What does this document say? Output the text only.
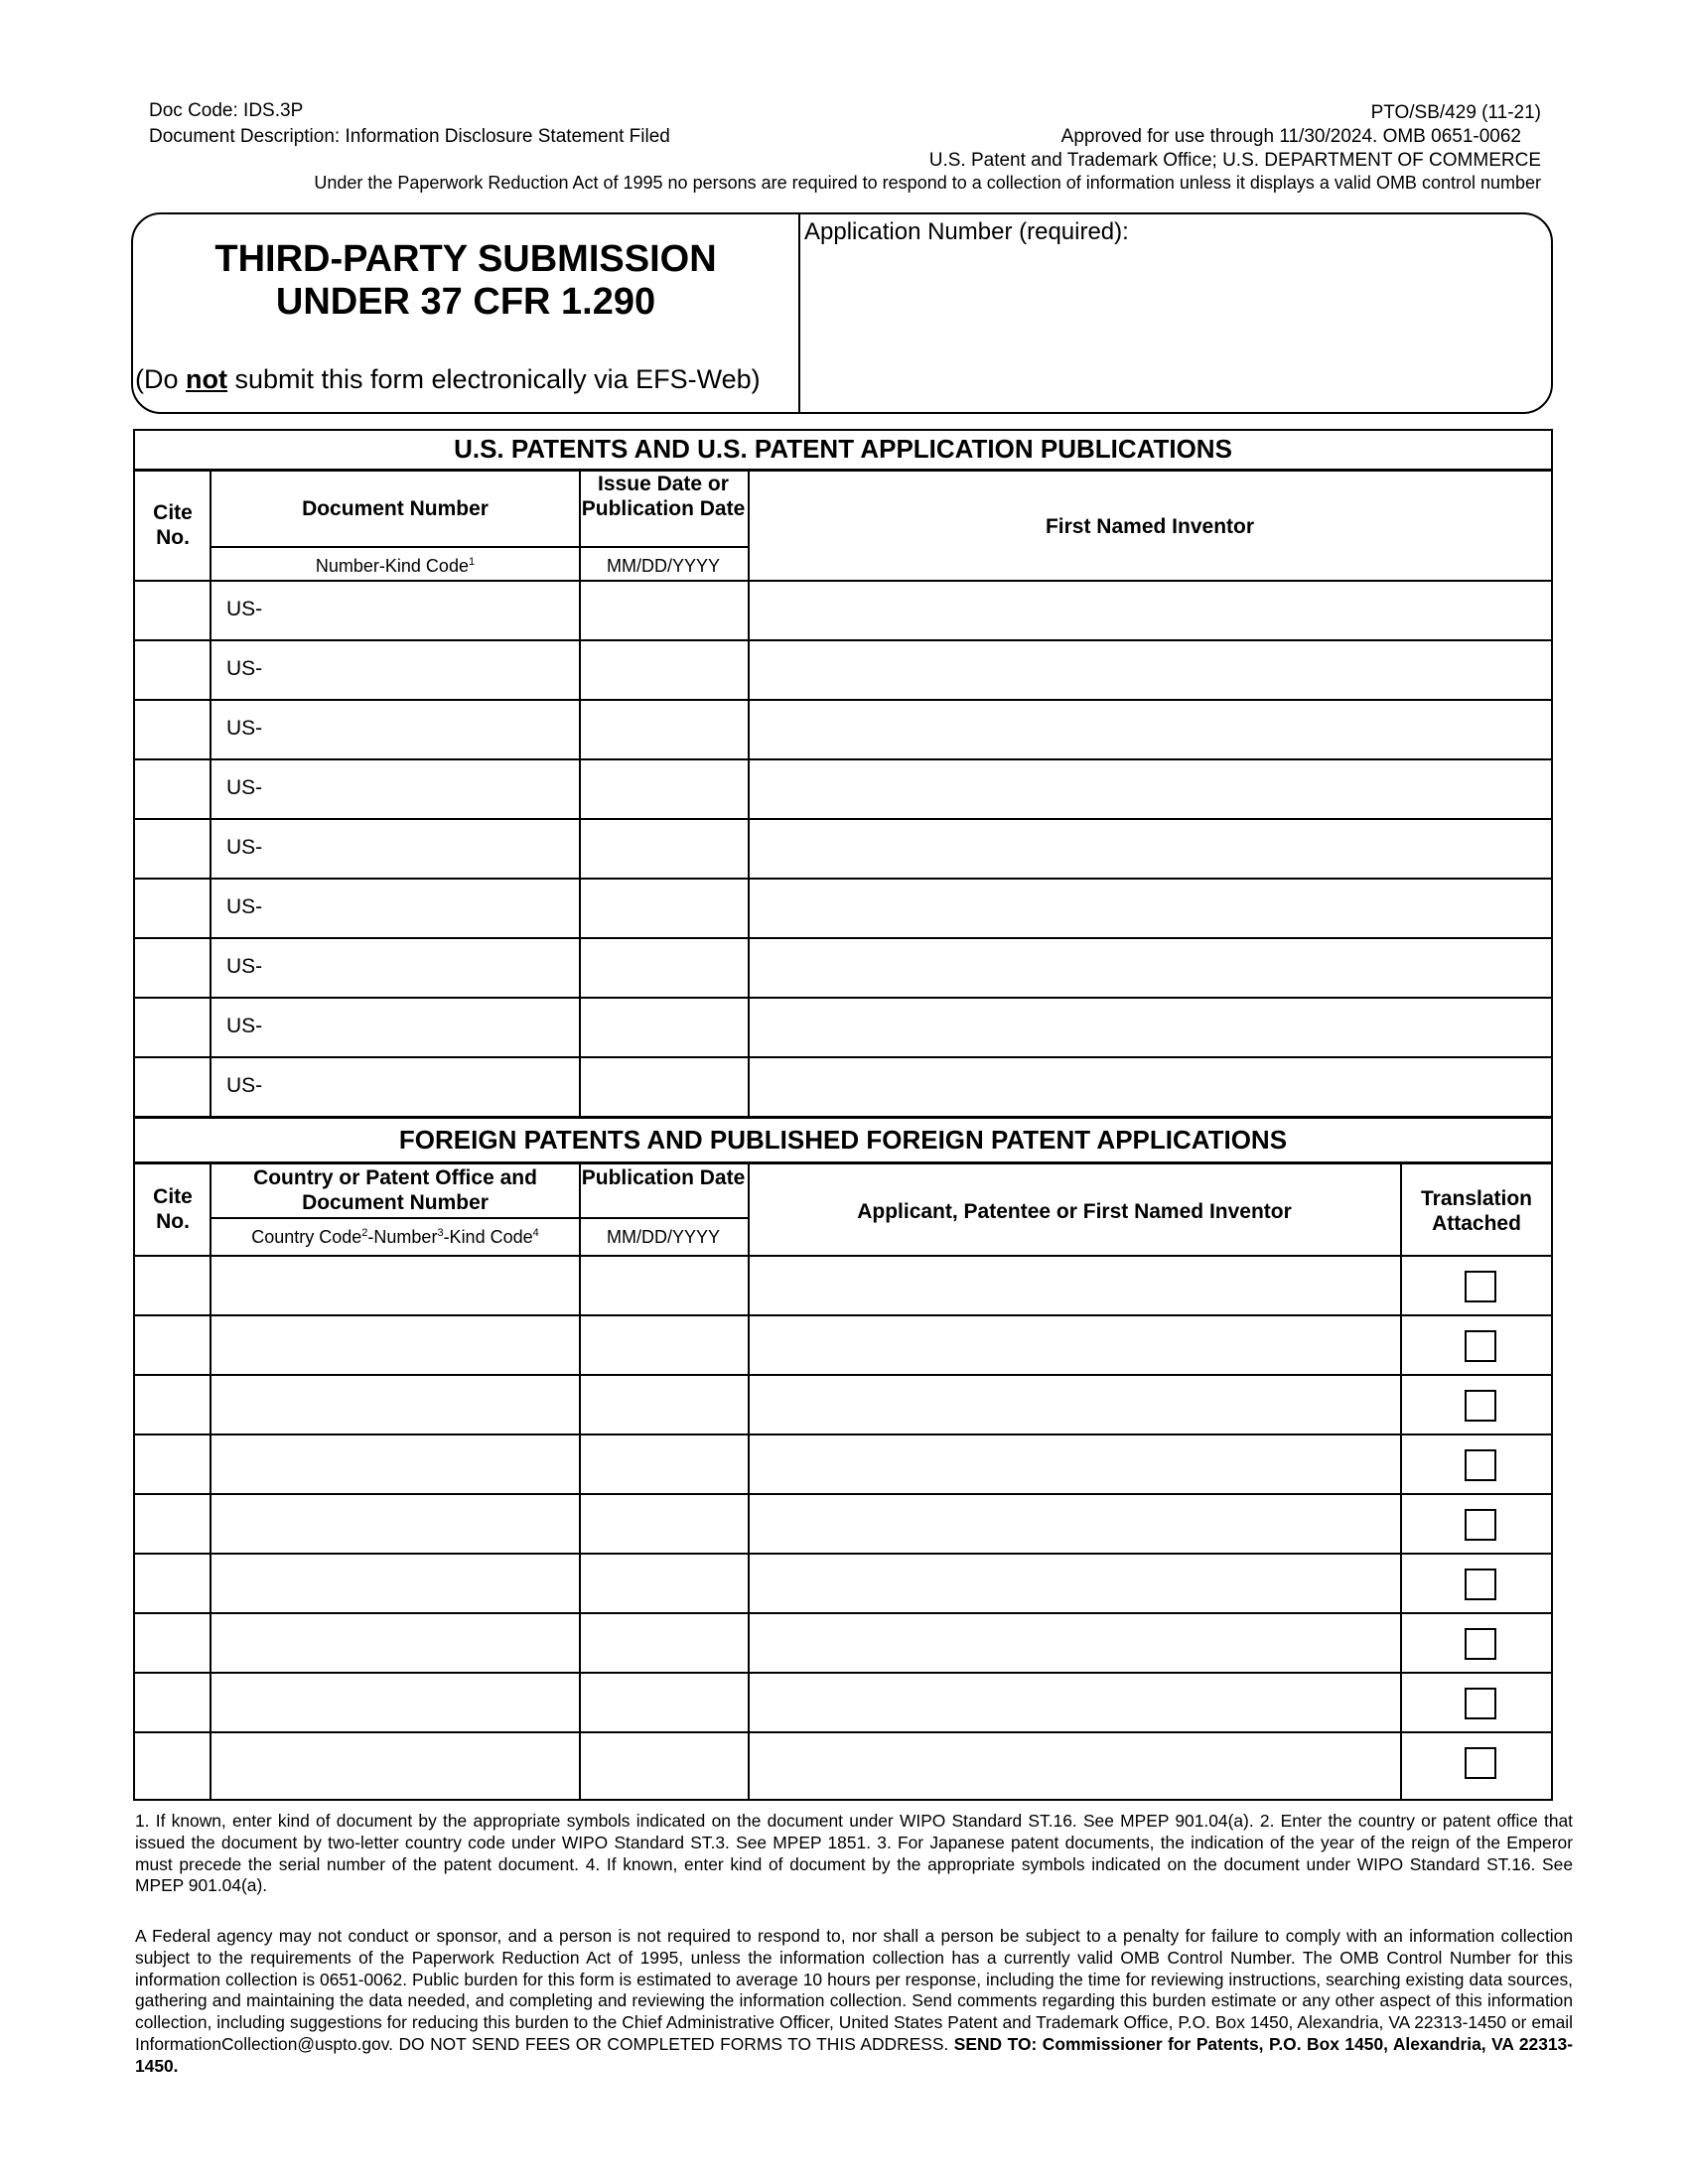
Doc Code: IDS.3P
Document Description: Information Disclosure Statement Filed
PTO/SB/429 (11-21)
Approved for use through 11/30/2024. OMB 0651-0062
U.S. Patent and Trademark Office; U.S. DEPARTMENT OF COMMERCE
Under the Paperwork Reduction Act of 1995 no persons are required to respond to a collection of information unless it displays a valid OMB control number
THIRD-PARTY SUBMISSION
UNDER 37 CFR 1.290
(Do not submit this form electronically via EFS-Web)
Application Number (required):
U.S. PATENTS AND U.S. PATENT APPLICATION PUBLICATIONS
Cite No.
Document Number
Issue Date or Publication Date
First Named Inventor
Number-Kind Code$^1$	MM/DD/YYYY
US-
US-
US-
US-
US-
US-
US-
US-
US-
FOREIGN PATENTS AND PUBLISHED FOREIGN PATENT APPLICATIONS
Cite No.
Country or Patent Office and Document Number
Publication Date
Applicant, Patentee or First Named Inventor
Translation Attached
Country Code$^2$-Number$^3$-Kind Code$^4$	MM/DD/YYYY
1. If known, enter kind of document by the appropriate symbols indicated on the document under WIPO Standard ST.16. See MPEP 901.04(a). 2. Enter the country or patent office that issued the document by two-letter country code under WIPO Standard ST.3. See MPEP 1851. 3. For Japanese patent documents, the indication of the year of the reign of the Emperor must precede the serial number of the patent document. 4. If known, enter kind of document by the appropriate symbols indicated on the document under WIPO Standard ST.16. See MPEP 901.04(a).
A Federal agency may not conduct or sponsor, and a person is not required to respond to, nor shall a person be subject to a penalty for failure to comply with an information collection subject to the requirements of the Paperwork Reduction Act of 1995, unless the information collection has a currently valid OMB Control Number. The OMB Control Number for this information collection is 0651-0062. Public burden for this form is estimated to average 10 hours per response, including the time for reviewing instructions, searching existing data sources, gathering and maintaining the data needed, and completing and reviewing the information collection. Send comments regarding this burden estimate or any other aspect of this information collection, including suggestions for reducing this burden to the Chief Administrative Officer, United States Patent and Trademark Office, P.O. Box 1450, Alexandria, VA 22313-1450 or email InformationCollection@uspto.gov. DO NOT SEND FEES OR COMPLETED FORMS TO THIS ADDRESS. SEND TO: Commissioner for Patents, P.O. Box 1450, Alexandria, VA 22313-1450.
